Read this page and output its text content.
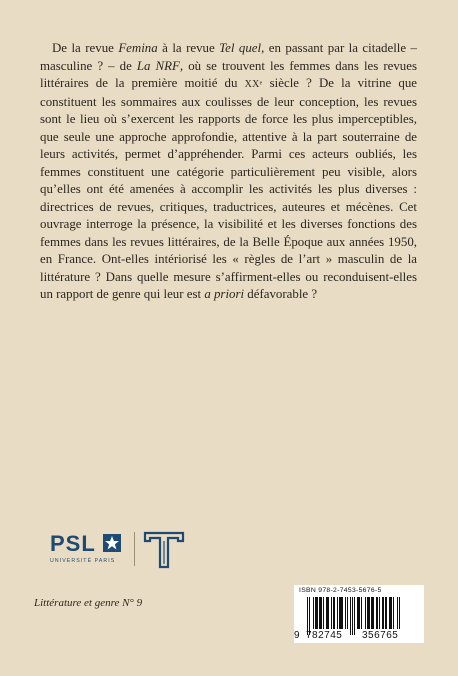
De la revue Femina à la revue Tel quel, en passant par la citadelle – masculine ? – de La NRF, où se trouvent les femmes dans les revues littéraires de la première moitié du XXᵉ siècle ? De la vitrine que constituent les sommaires aux coulisses de leur conception, les revues sont le lieu où s’exercent les rapports de force les plus imperceptibles, que seule une approche approfondie, attentive à la part souterraine de leurs activités, permet d’appréhender. Parmi ces acteurs oubliés, les femmes constituent une catégorie particulièrement peu visible, alors qu’elles ont été amenées à accomplir les activités les plus diverses : directrices de revues, critiques, traductrices, auteures et mécènes. Cet ouvrage interroge la présence, la visibilité et les diverses fonctions des femmes dans les revues littéraires, de la Belle Époque aux années 1950, en France. Ont-elles intériorisé les « règles de l’art » masculin de la littérature ? Dans quelle mesure s’affirment-elles ou reconduisent-elles un rapport de genre qui leur est a priori défavorable ?

PSL
UNIVERSITÉ PARIS
Littérature et genre N° 9
ISBN 978-2-7453-5676-5
9 782745 356765
